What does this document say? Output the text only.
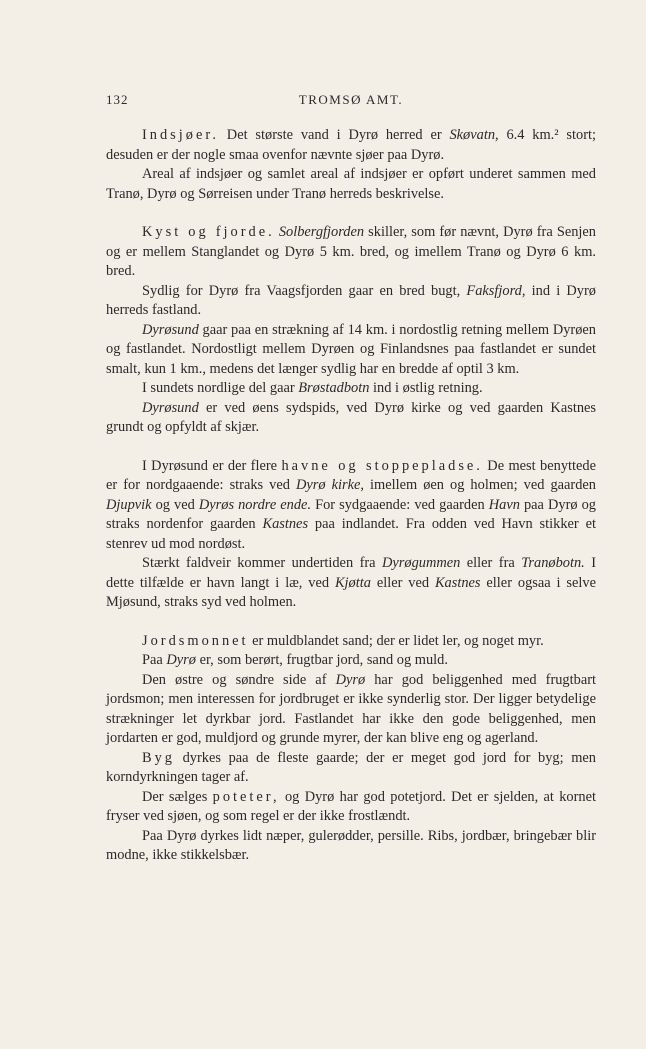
132	TROMSØ AMT.

Indsjøer. Det største vand i Dyrø herred er Skøvatn, 6.4 km.² stort; desuden er der nogle smaa ovenfor nævnte sjøer paa Dyrø.

Areal af indsjøer og samlet areal af indsjøer er opført underet sammen med Tranø, Dyrø og Sørreisen under Tranø herreds beskrivelse.

Kyst og fjorde. Solbergfjorden skiller, som før nævnt, Dyrø fra Senjen og er mellem Stanglandet og Dyrø 5 km. bred, og imellem Tranø og Dyrø 6 km. bred.

Sydlig for Dyrø fra Vaagsfjorden gaar en bred bugt, Faksfjord, ind i Dyrø herreds fastland.

Dyrøsund gaar paa en strækning af 14 km. i nordostlig retning mellem Dyrøen og fastlandet. Nordostligt mellem Dyrøen og Finlandsnes paa fastlandet er sundet smalt, kun 1 km., medens det længer sydlig har en bredde af optil 3 km.

I sundets nordlige del gaar Brøstadbotn ind i østlig retning.

Dyrøsund er ved øens sydspids, ved Dyrø kirke og ved gaarden Kastnes grundt og opfyldt af skjær.

I Dyrøsund er der flere havne og stoppepladse. De mest benyttede er for nordgaaende: straks ved Dyrø kirke, imellem øen og holmen; ved gaarden Djupvik og ved Dyrøs nordre ende. For sydgaaende: ved gaarden Havn paa Dyrø og straks nordenfor gaarden Kastnes paa indlandet. Fra odden ved Havn stikker et stenrev ud mod nordøst.

Stærkt faldveir kommer undertiden fra Dyrøgummen eller fra Tranøbotn. I dette tilfælde er havn langt i læ, ved Kjøtta eller ved Kastnes eller ogsaa i selve Mjøsund, straks syd ved holmen.

Jordsmonnet er muldblandet sand; der er lidet ler, og noget myr.

Paa Dyrø er, som berørt, frugtbar jord, sand og muld.

Den østre og søndre side af Dyrø har god beliggenhed med frugtbart jordsmon; men interessen for jordbruget er ikke synderlig stor. Der ligger betydelige strækninger let dyrkbar jord. Fastlandet har ikke den gode beliggenhed, men jordarten er god, muldjord og grunde myrer, der kan blive eng og agerland.

Byg dyrkes paa de fleste gaarde; der er meget god jord for byg; men korndyrkningen tager af.

Der sælges poteter, og Dyrø har god potetjord. Det er sjelden, at kornet fryser ved sjøen, og som regel er der ikke frostlændt.

Paa Dyrø dyrkes lidt næper, gulerødder, persille. Ribs, jordbær, bringebær blir modne, ikke stikkelsbær.
